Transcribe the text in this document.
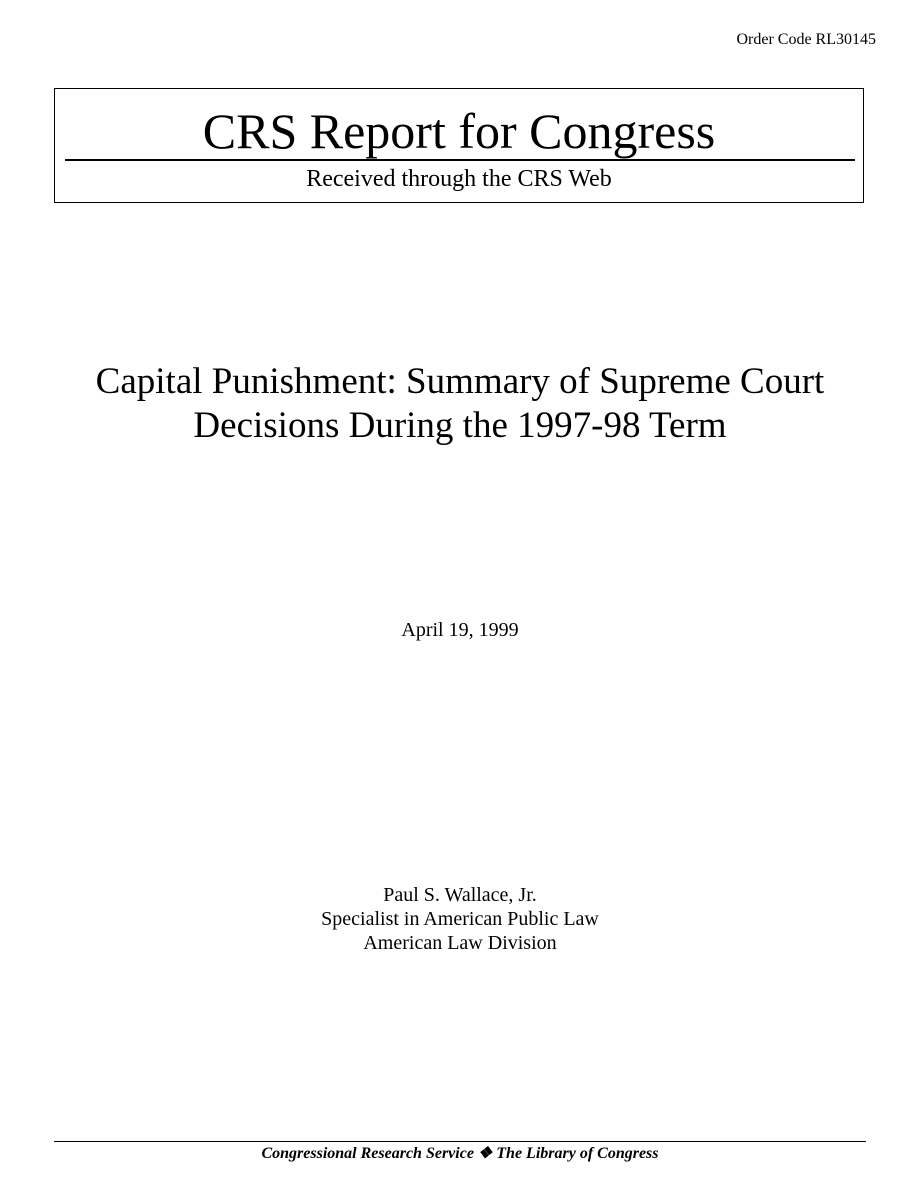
Order Code RL30145
CRS Report for Congress
Received through the CRS Web
Capital Punishment: Summary of Supreme Court
Decisions During the 1997-98 Term
April 19, 1999
Paul S. Wallace, Jr.
Specialist in American Public Law
American Law Division
Congressional Research Service ❖ The Library of Congress
